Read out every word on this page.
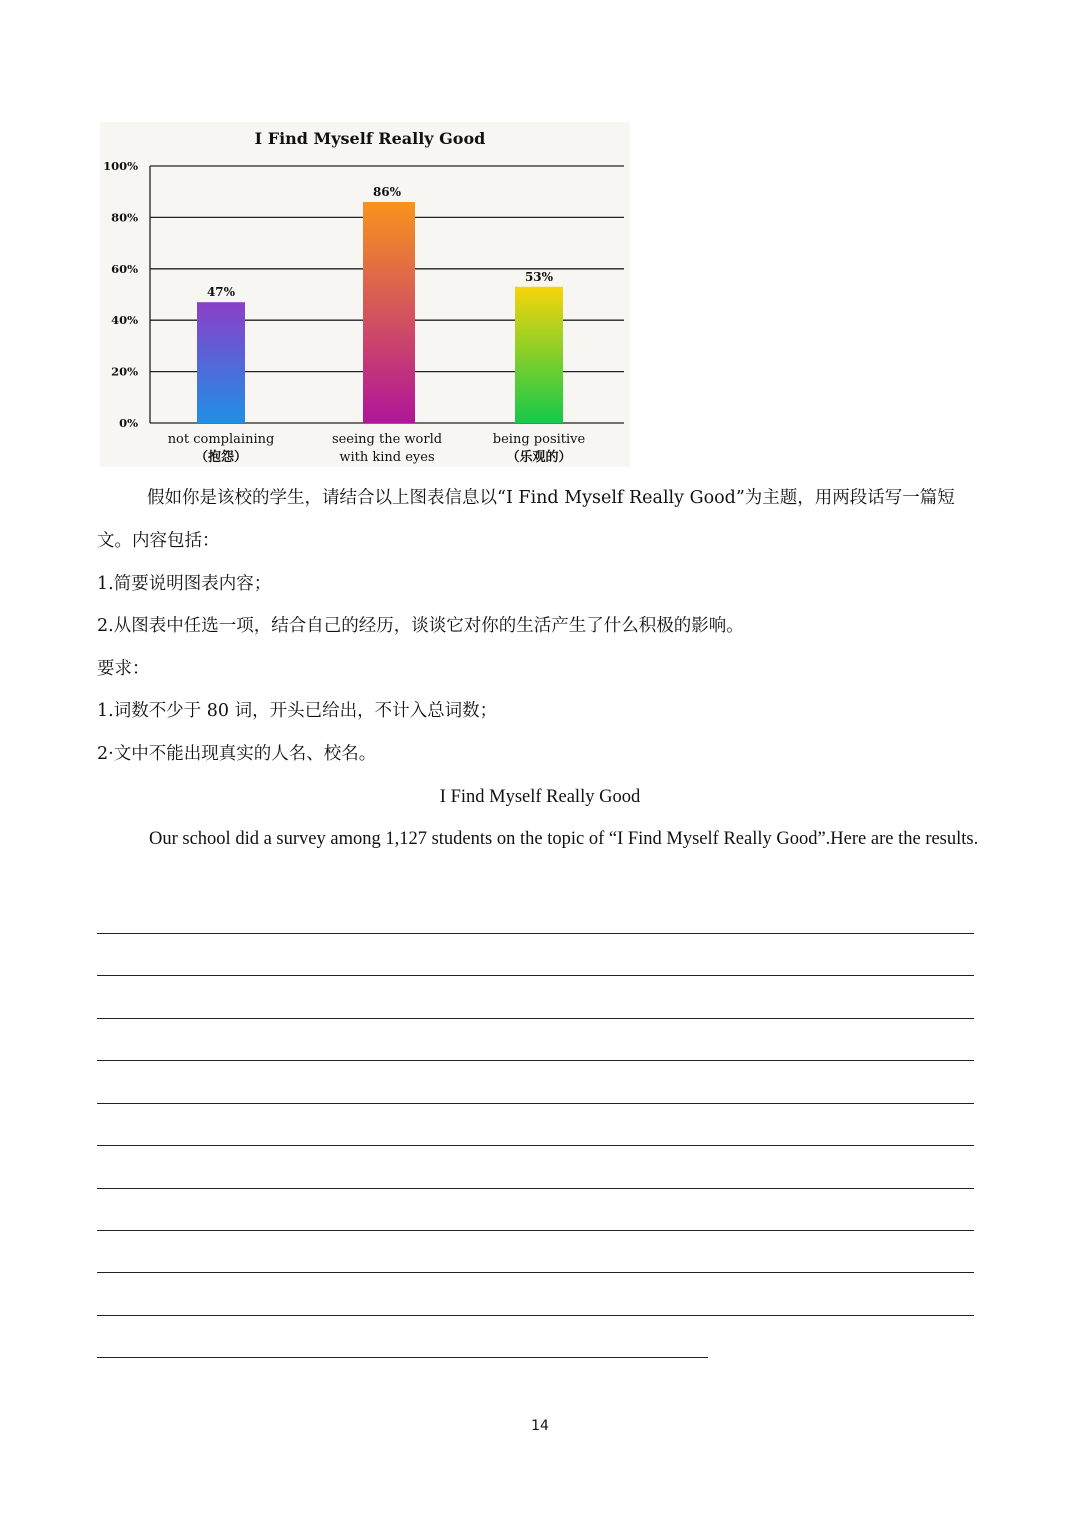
I Find Myself Really Good
0%
20%
40%
60%
80%
100%
47%
not complaining
（抱怨）
86%
seeing the world
with kind eyes
53%
being positive
（乐观的）
假如你是该校的学生，请结合以上图表信息以“I Find Myself Really Good”为主题，用两段话写一篇短文。内容包括：
1.简要说明图表内容；
2.从图表中任选一项，结合自己的经历，谈谈它对你的生活产生了什么积极的影响。
要求：
1.词数不少于 80 词，开头已给出，不计入总词数；
2·文中不能出现真实的人名、校名。
I Find Myself Really Good
Our school did a survey among 1,127 students on the topic of “I Find Myself Really Good”.Here are the results.
14
